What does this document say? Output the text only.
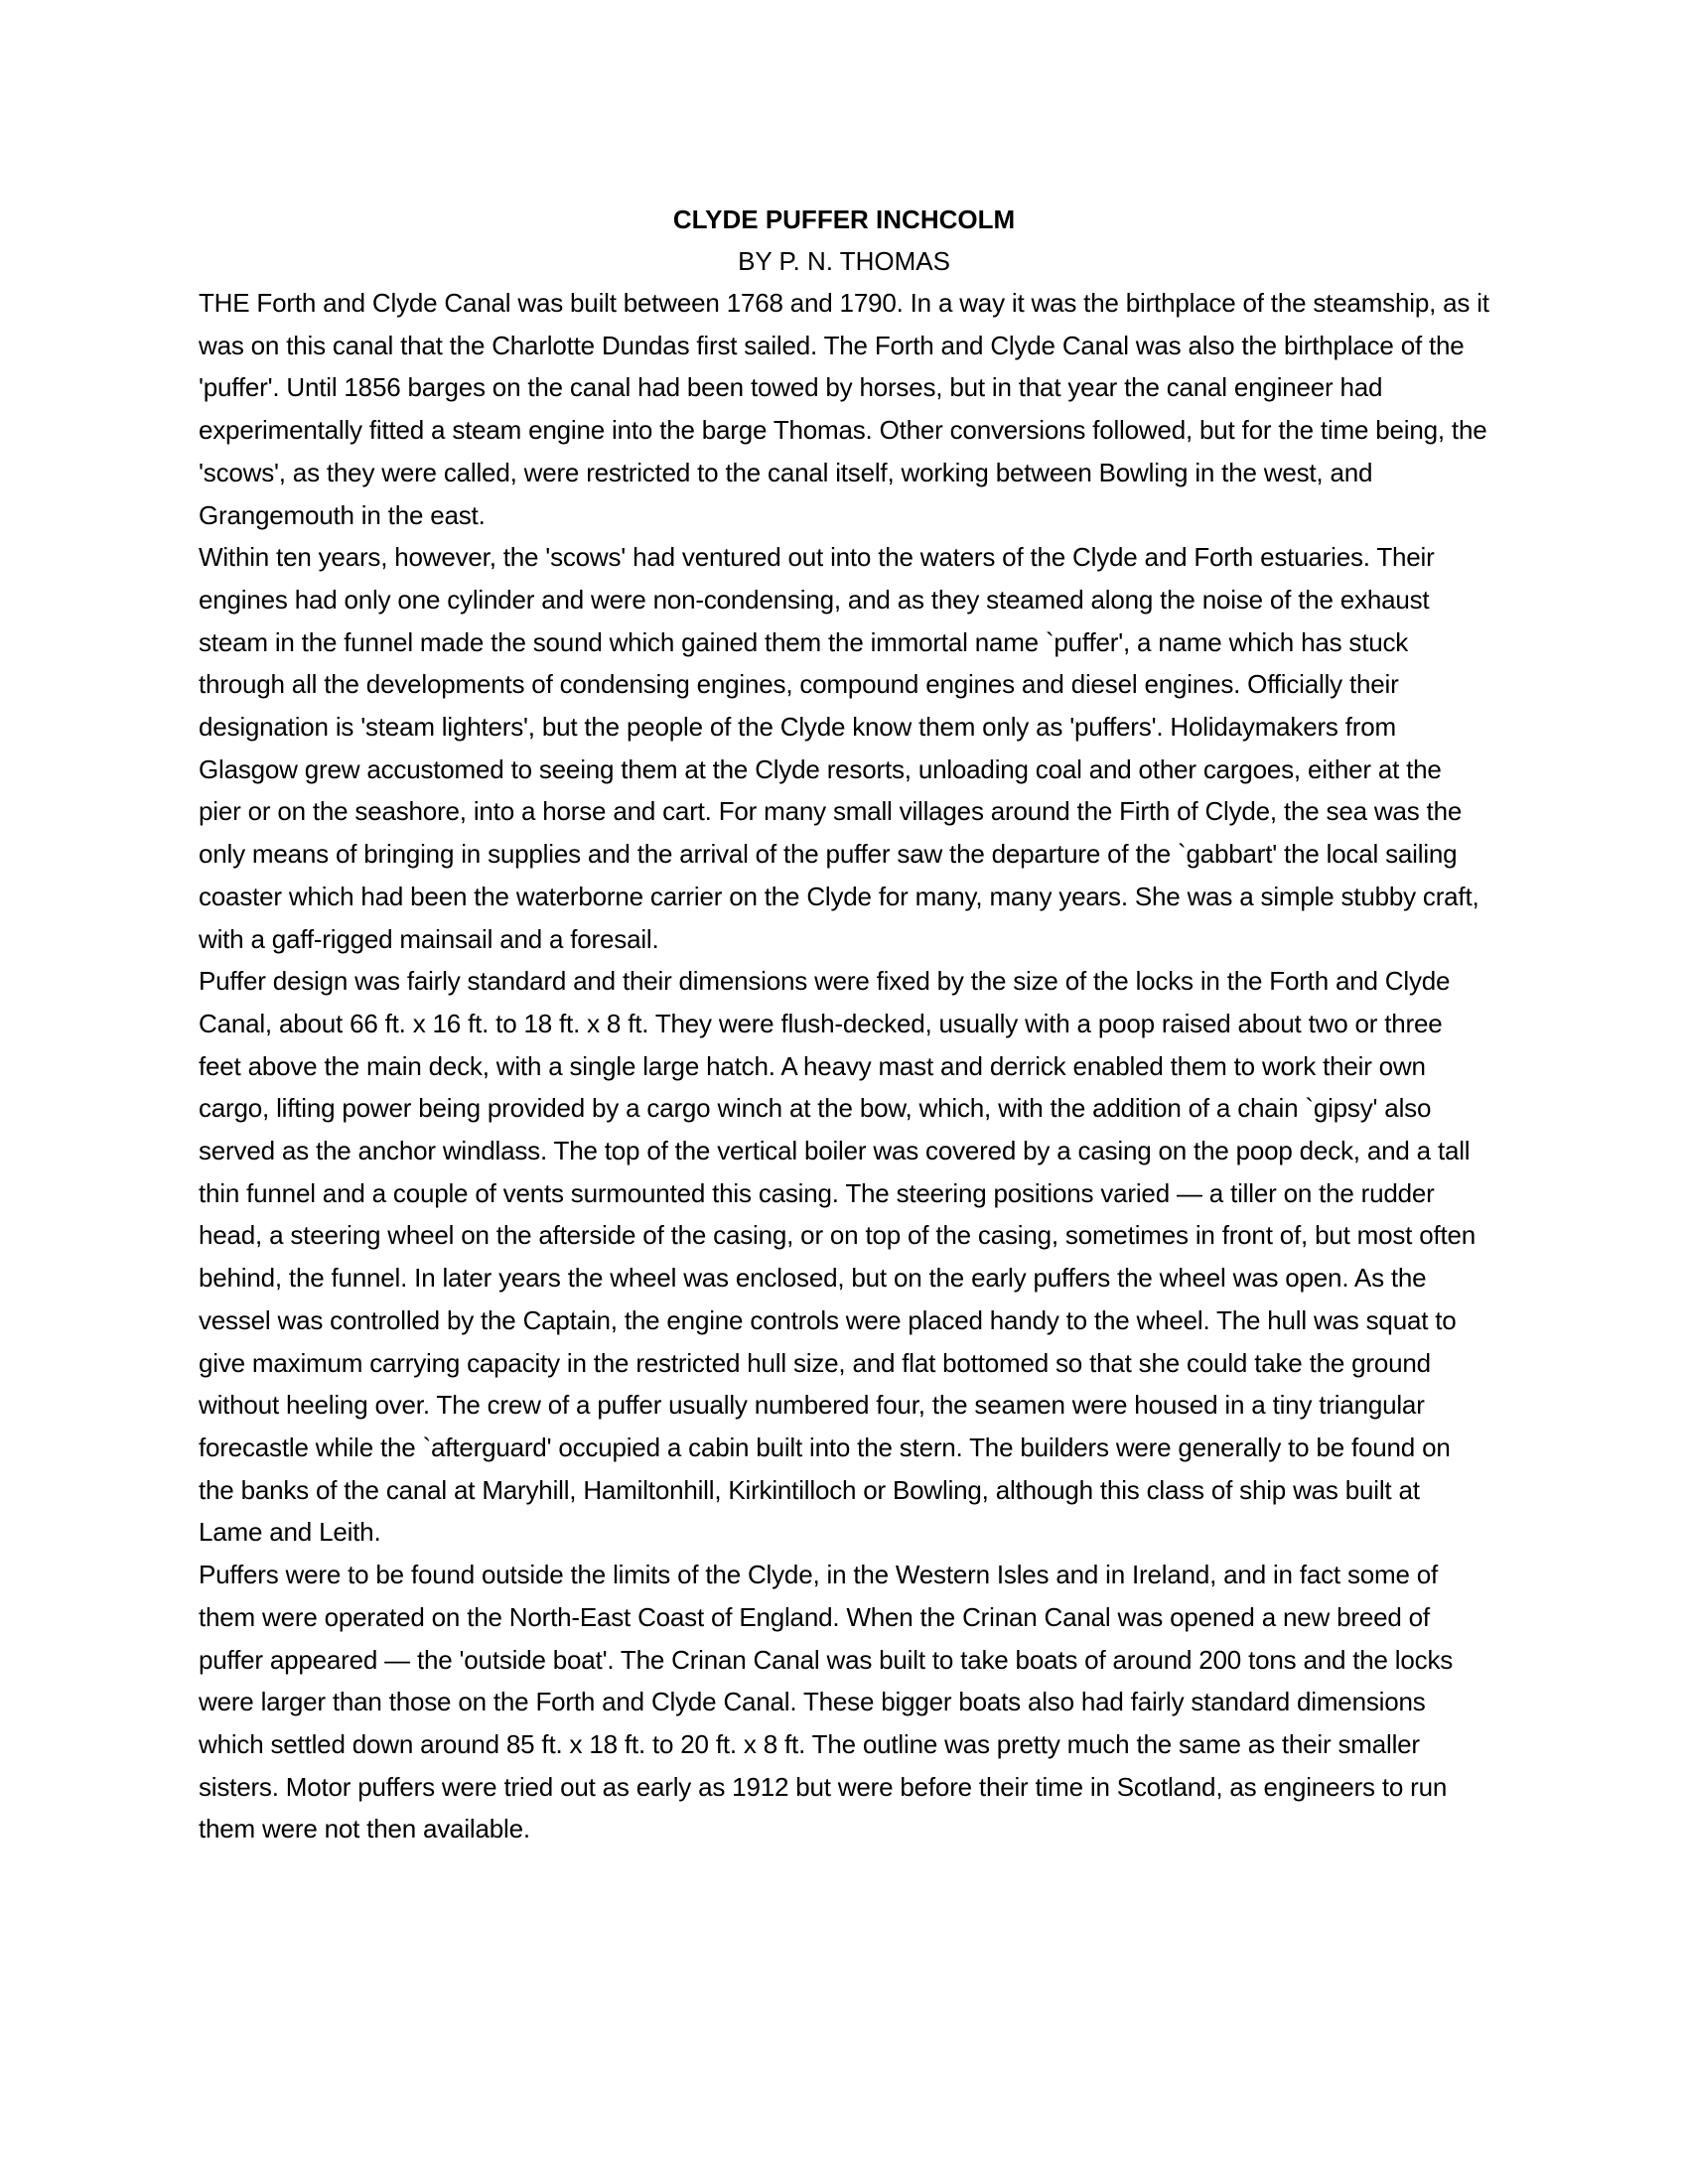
CLYDE PUFFER INCHCOLM

BY P. N. THOMAS

THE Forth and Clyde Canal was built between 1768 and 1790. In a way it was the birthplace of the steamship, as it was on this canal that the Charlotte Dundas first sailed. The Forth and Clyde Canal was also the birthplace of the 'puffer'. Until 1856 barges on the canal had been towed by horses, but in that year the canal engineer had experimentally fitted a steam engine into the barge Thomas. Other conversions followed, but for the time being, the 'scows', as they were called, were restricted to the canal itself, working between Bowling in the west, and Grangemouth in the east.

Within ten years, however, the 'scows' had ventured out into the waters of the Clyde and Forth estuaries. Their engines had only one cylinder and were non-condensing, and as they steamed along the noise of the exhaust steam in the funnel made the sound which gained them the immortal name `puffer', a name which has stuck through all the developments of condensing engines, compound engines and diesel engines. Officially their designation is 'steam lighters', but the people of the Clyde know them only as 'puffers'. Holidaymakers from Glasgow grew accustomed to seeing them at the Clyde resorts, unloading coal and other cargoes, either at the pier or on the seashore, into a horse and cart. For many small villages around the Firth of Clyde, the sea was the only means of bringing in supplies and the arrival of the puffer saw the departure of the `gabbart' the local sailing coaster which had been the waterborne carrier on the Clyde for many, many years. She was a simple stubby craft, with a gaff-rigged mainsail and a foresail.

Puffer design was fairly standard and their dimensions were fixed by the size of the locks in the Forth and Clyde Canal, about 66 ft. x 16 ft. to 18 ft. x 8 ft. They were flush-decked, usually with a poop raised about two or three feet above the main deck, with a single large hatch. A heavy mast and derrick enabled them to work their own cargo, lifting power being provided by a cargo winch at the bow, which, with the addition of a chain `gipsy' also served as the anchor windlass. The top of the vertical boiler was covered by a casing on the poop deck, and a tall thin funnel and a couple of vents surmounted this casing. The steering positions varied — a tiller on the rudder head, a steering wheel on the afterside of the casing, or on top of the casing, sometimes in front of, but most often behind, the funnel. In later years the wheel was enclosed, but on the early puffers the wheel was open. As the vessel was controlled by the Captain, the engine controls were placed handy to the wheel. The hull was squat to give maximum carrying capacity in the restricted hull size, and flat bottomed so that she could take the ground without heeling over. The crew of a puffer usually numbered four, the seamen were housed in a tiny triangular forecastle while the `afterguard' occupied a cabin built into the stern. The builders were generally to be found on the banks of the canal at Maryhill, Hamiltonhill, Kirkintilloch or Bowling, although this class of ship was built at Lame and Leith.

Puffers were to be found outside the limits of the Clyde, in the Western Isles and in Ireland, and in fact some of them were operated on the North-East Coast of England. When the Crinan Canal was opened a new breed of puffer appeared — the 'outside boat'. The Crinan Canal was built to take boats of around 200 tons and the locks were larger than those on the Forth and Clyde Canal. These bigger boats also had fairly standard dimensions which settled down around 85 ft. x 18 ft. to 20 ft. x 8 ft. The outline was pretty much the same as their smaller sisters. Motor puffers were tried out as early as 1912 but were before their time in Scotland, as engineers to run them were not then available.
